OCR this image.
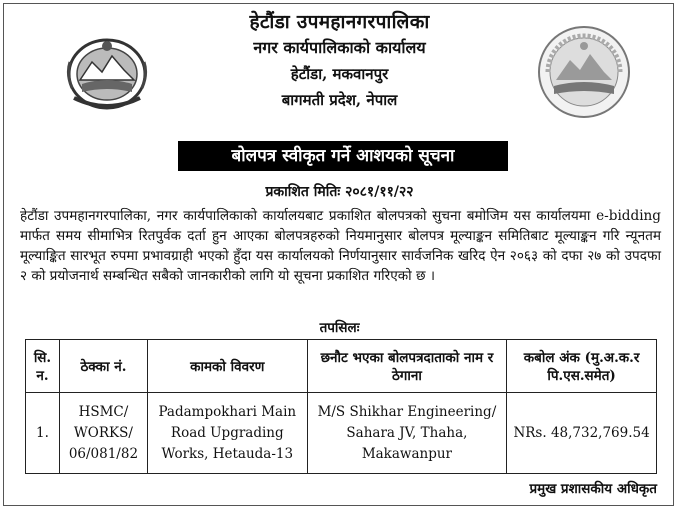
हेटौंडा उपमहानगरपालिका
नगर कार्यपालिकाको कार्यालय
हेटौंडा, मकवानपुर
बागमती प्रदेश, नेपाल
बोलपत्र स्वीकृत गर्ने आशयको सूचना
प्रकाशित मितिः २०८१/११/२२
हेटौंडा उपमहानगरपालिका, नगर कार्यपालिकाको कार्यालयबाट प्रकाशित बोलपत्रको सुचना बमोजिम यस कार्यालयमा e-bidding मार्फत समय सीमाभित्र रितपुर्वक दर्ता हुन आएका बोलपत्रहरुको नियमानुसार बोलपत्र मूल्याङ्कन समितिबाट मूल्याङ्कन गरि न्यूनतम मूल्याङ्कित सारभूत रुपमा प्रभावग्राही भएको हुँदा यस कार्यालयको निर्णयानुसार सार्वजनिक खरिद ऐन २०६३ को दफा २७ को उपदफा २ को प्रयोजनार्थ सम्बन्धित सबैको जानकारीको लागि यो सूचना प्रकाशित गरिएको छ ।
तपसिलः
सि. न.	ठेक्का नं.	कामको विवरण	छनौट भएका बोलपत्रदाताको नाम र ठेगाना	कबोल अंक (मु.अ.क.र पि.एस.समेत)
1.	HSMC/ WORKS/ 06/081/82	Padampokhari Main Road Upgrading Works, Hetauda-13	M/S Shikhar Engineering/ Sahara JV, Thaha, Makawanpur	NRs. 48,732,769.54
प्रमुख प्रशासकीय अधिकृत
